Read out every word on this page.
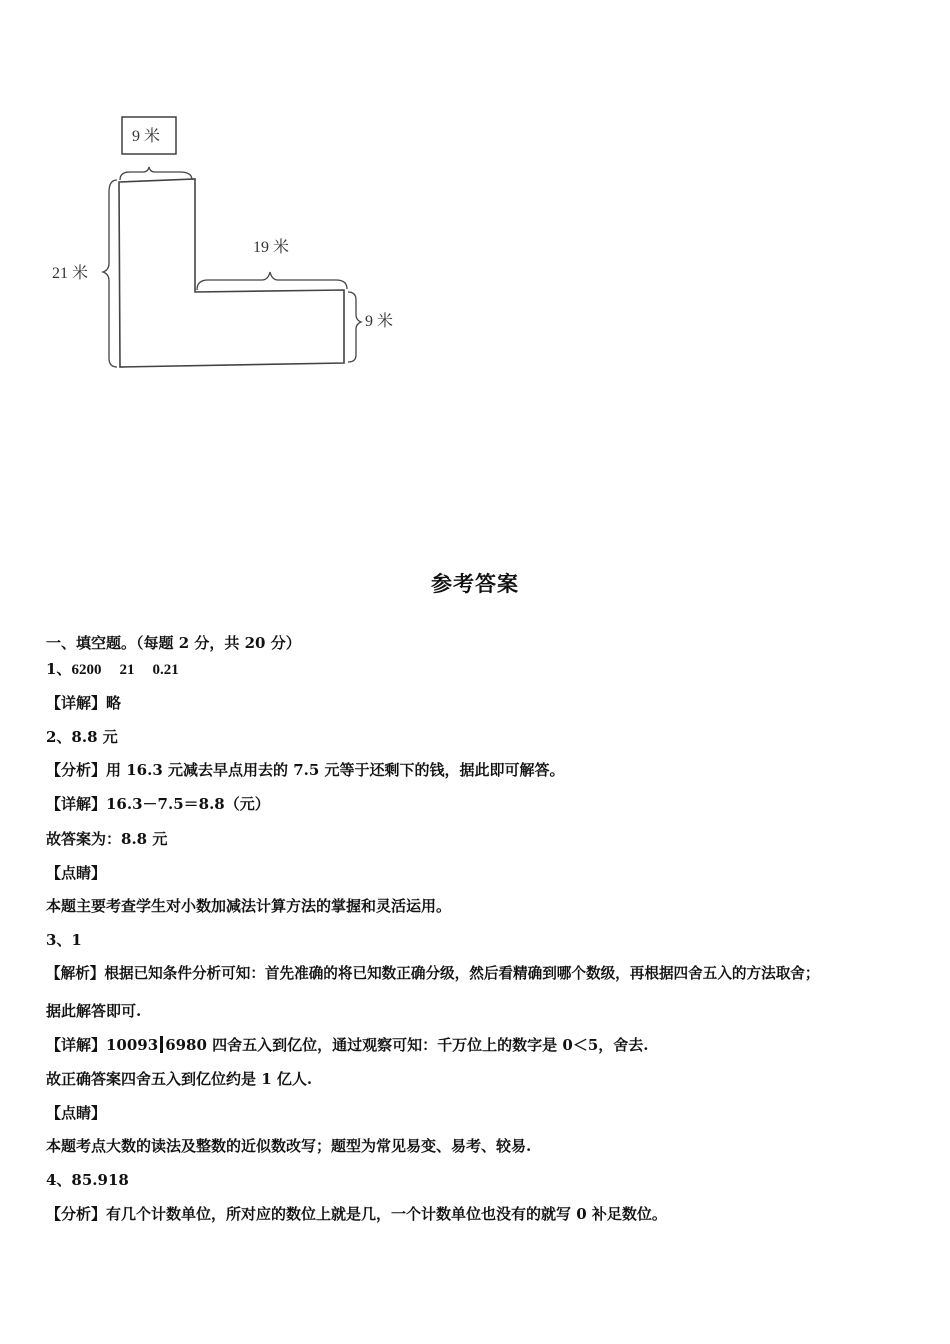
9 米
21 米
19 米
9 米
参考答案
一、填空题。（每题 2 分，共 20 分）
1、6200 21 0.21
【详解】略
2、8.8 元
【分析】用 16.3 元减去早点用去的 7.5 元等于还剩下的钱，据此即可解答。
【详解】16.3－7.5＝8.8（元）
故答案为：8.8 元
【点睛】
本题主要考查学生对小数加减法计算方法的掌握和灵活运用。
3、1
【解析】根据已知条件分析可知：首先准确的将已知数正确分级，然后看精确到哪个数级，再根据四舍五入的方法取舍；
据此解答即可.
【详解】10093 6980 四舍五入到亿位，通过观察可知：千万位上的数字是 0＜5，舍去.
故正确答案四舍五入到亿位约是 1 亿人.
【点睛】
本题考点大数的读法及整数的近似数改写；题型为常见易变、易考、较易.
4、85.918
【分析】有几个计数单位，所对应的数位上就是几，一个计数单位也没有的就写 0 补足数位。
